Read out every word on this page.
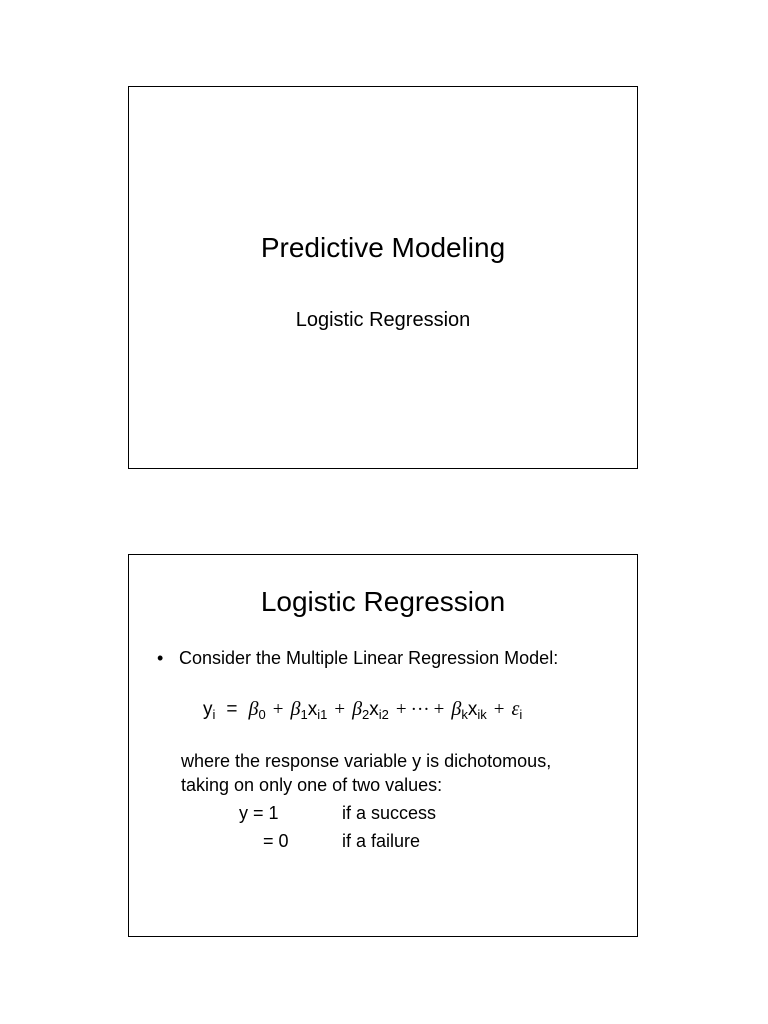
Predictive Modeling
Logistic Regression
Logistic Regression
• Consider the Multiple Linear Regression Model:
$y_i = \beta_0 + \beta_1x_{i1} + \beta_2x_{i2}$ + ··· + $\beta_kx_{ik} + \varepsilon_i$
where the response variable y is dichotomous,
taking on only one of two values:
y = 1	if a success
= 0	if a failure
